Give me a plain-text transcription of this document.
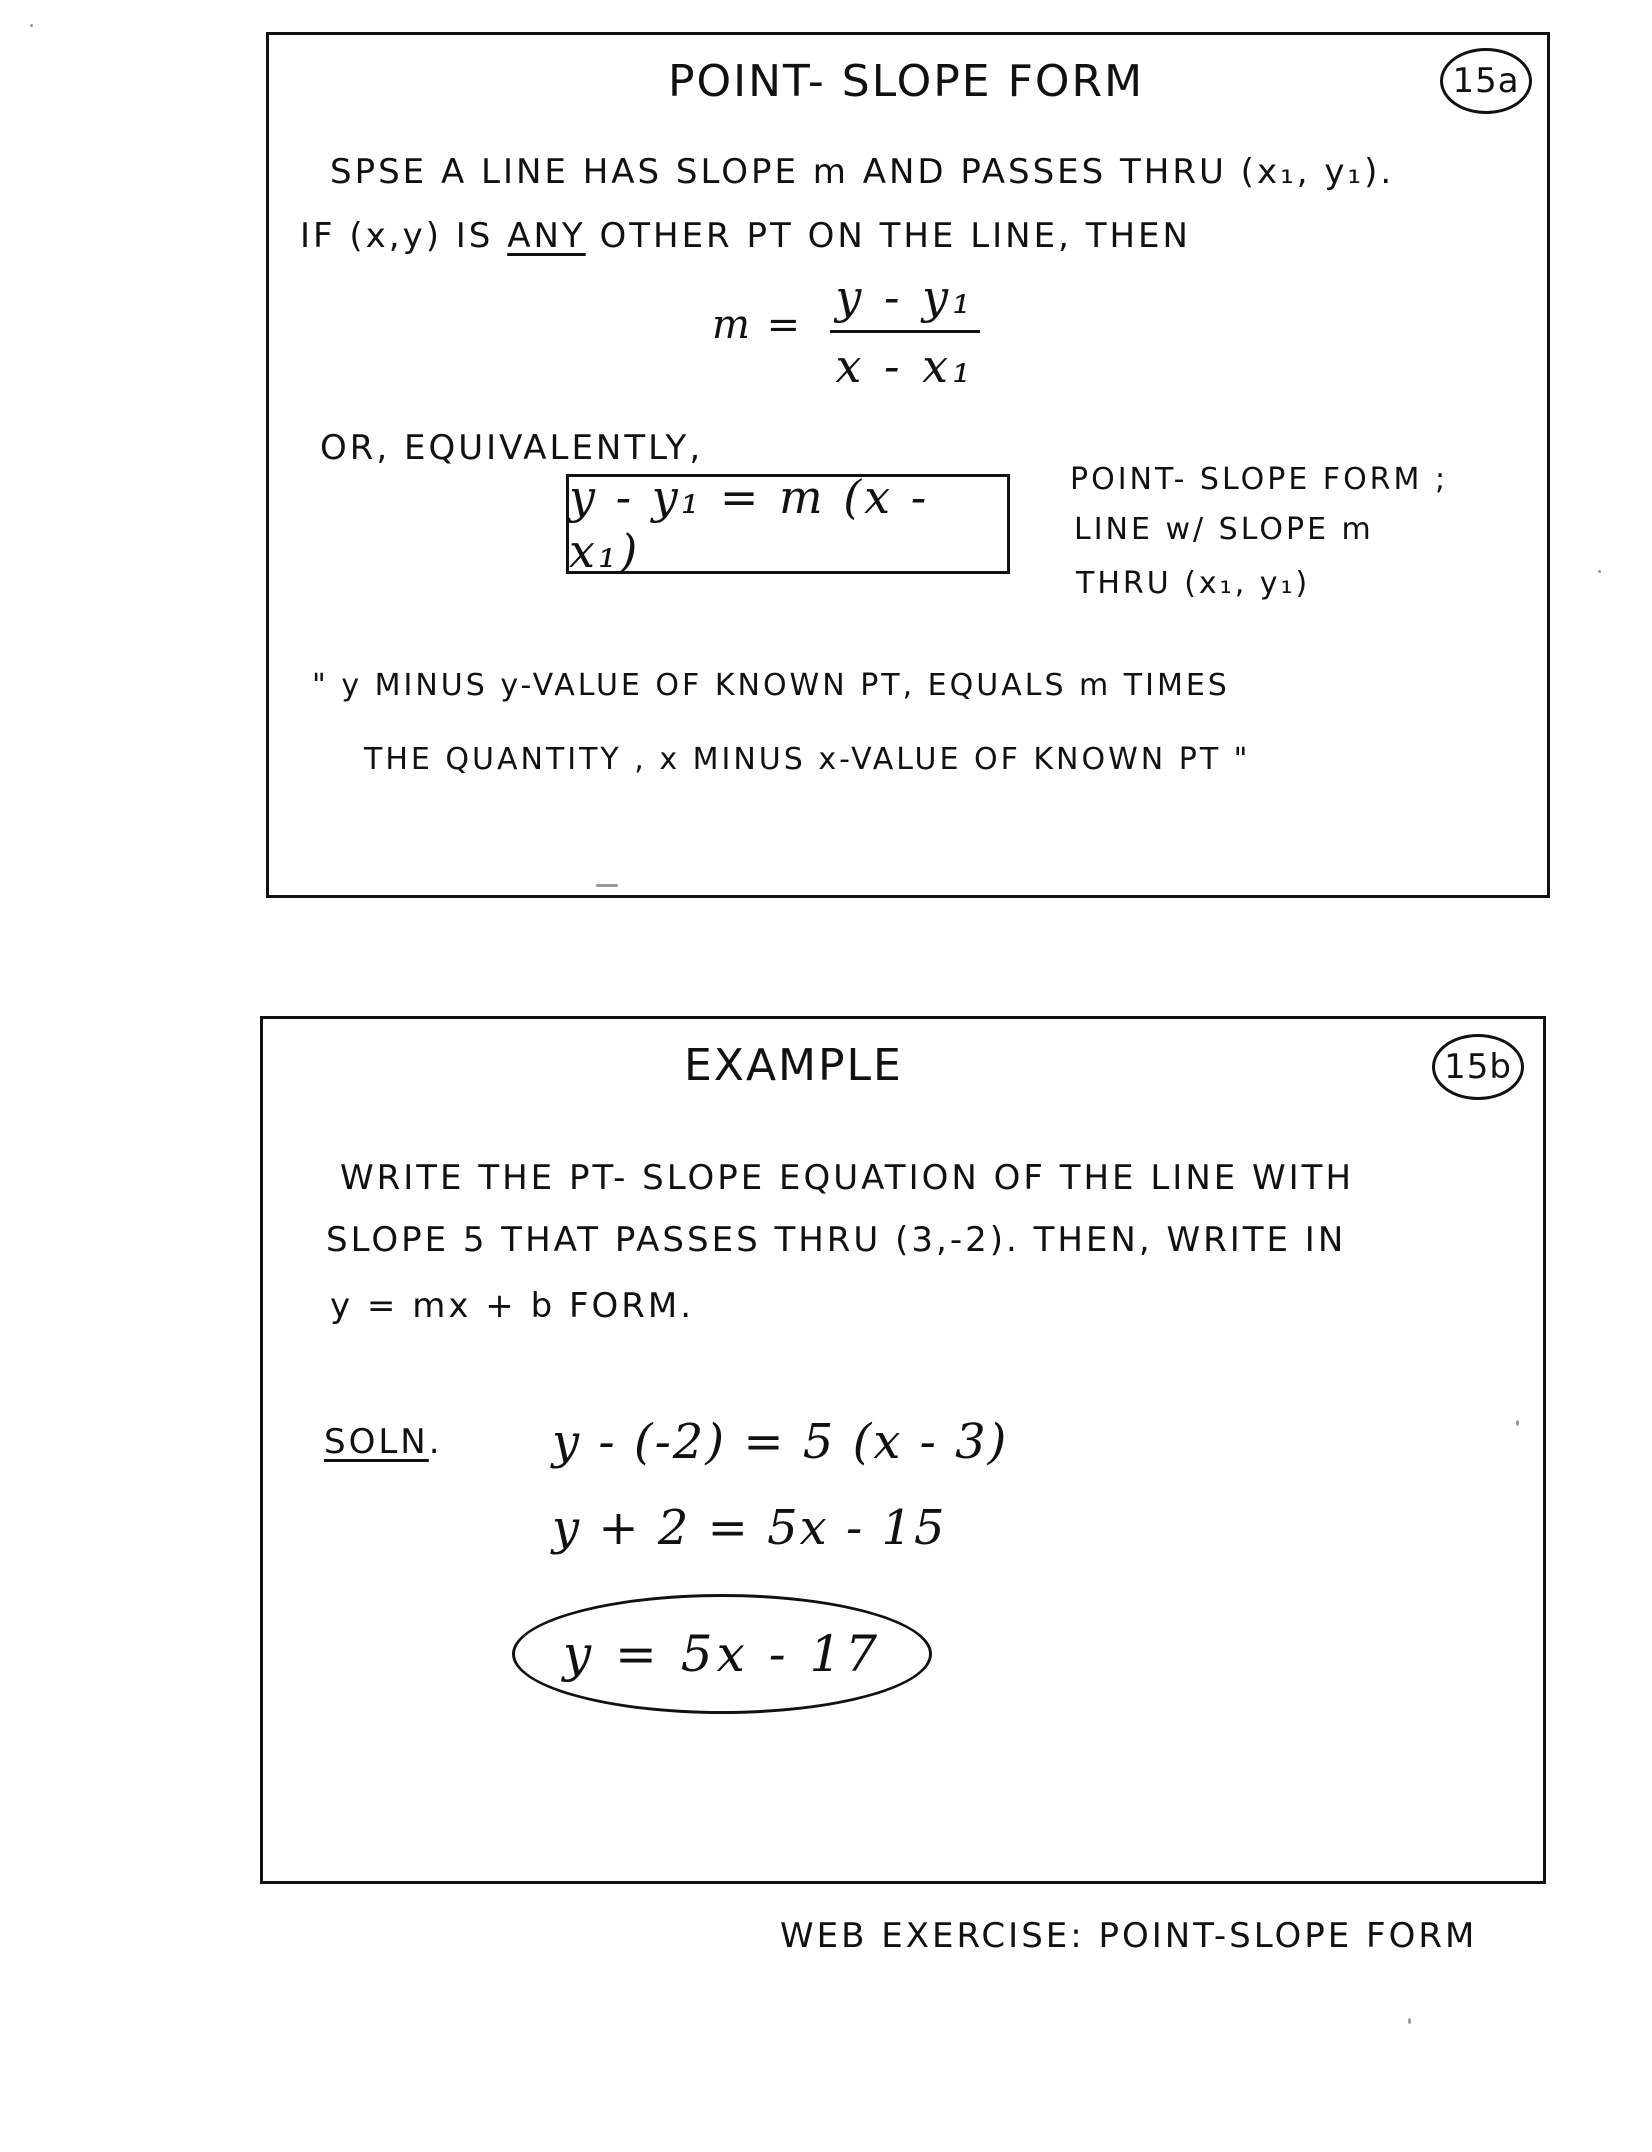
POINT- SLOPE FORM	15a
SPSE A LINE HAS SLOPE m AND PASSES THRU (x₁, y₁).
IF (x,y) IS ANY OTHER PT ON THE LINE, THEN
m =
y - y₁
x - x₁
OR, EQUIVALENTLY,
y - y₁ = m (x - x₁)
POINT- SLOPE FORM ;
LINE w/ SLOPE m
THRU (x₁, y₁)
" y MINUS y-VALUE OF KNOWN PT, EQUALS m TIMES
THE QUANTITY , x MINUS x-VALUE OF KNOWN PT "
EXAMPLE	15b
WRITE THE PT- SLOPE EQUATION OF THE LINE WITH
SLOPE 5 THAT PASSES THRU (3,-2). THEN, WRITE IN
y = mx + b FORM.
SOLN. y - (-2) = 5 (x - 3)
y + 2 = 5x - 15
y = 5x - 17
WEB EXERCISE: POINT-SLOPE FORM
